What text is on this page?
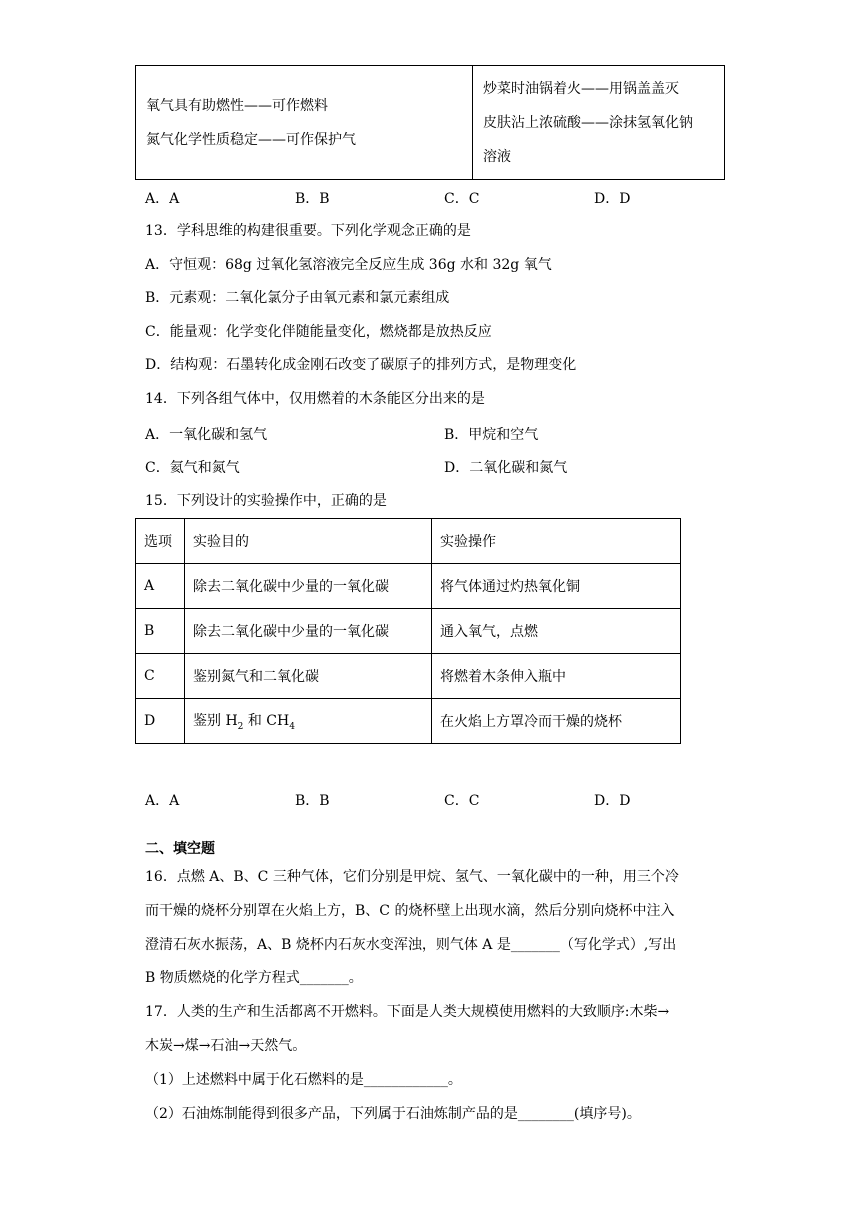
氧气具有助燃性——可作燃料
氮气化学性质稳定——可作保护气

炒菜时油锅着火——用锅盖盖灭
皮肤沾上浓硫酸——涂抹氢氧化钠
溶液
A．A	B．B	C．C	D．D
13．学科思维的构建很重要。下列化学观念正确的是
A．守恒观：68g 过氧化氢溶液完全反应生成 36g 水和 32g 氧气
B．元素观：二氧化氯分子由氧元素和氯元素组成
C．能量观：化学变化伴随能量变化，燃烧都是放热反应
D．结构观：石墨转化成金刚石改变了碳原子的排列方式，是物理变化
14．下列各组气体中，仅用燃着的木条能区分出来的是
A．一氧化碳和氢气	B．甲烷和空气
C．氦气和氮气	D．二氧化碳和氮气
15．下列设计的实验操作中，正确的是
选项	实验目的	实验操作
A	除去二氧化碳中少量的一氧化碳	将气体通过灼热氧化铜
B	除去二氧化碳中少量的一氧化碳	通入氧气，点燃
C	鉴别氮气和二氧化碳	将燃着木条伸入瓶中
D	鉴别 $H_2$ 和 $CH_4$	在火焰上方罩冷而干燥的烧杯
A．A	B．B	C．C	D．D
二、填空题
16．点燃 A、B、C 三种气体，它们分别是甲烷、氢气、一氧化碳中的一种，用三个冷
而干燥的烧杯分别罩在火焰上方，B、C 的烧杯壁上出现水滴，然后分别向烧杯中注入
澄清石灰水振荡，A、B 烧杯内石灰水变浑浊，则气体 A 是_______（写化学式）,写出
B 物质燃烧的化学方程式_______。
17．人类的生产和生活都离不开燃料。下面是人类大规模使用燃料的大致顺序:木柴→
木炭→煤→石油→天然气。
（1）上述燃料中属于化石燃料的是____________。
（2）石油炼制能得到很多产品，下列属于石油炼制产品的是________(填序号)。
